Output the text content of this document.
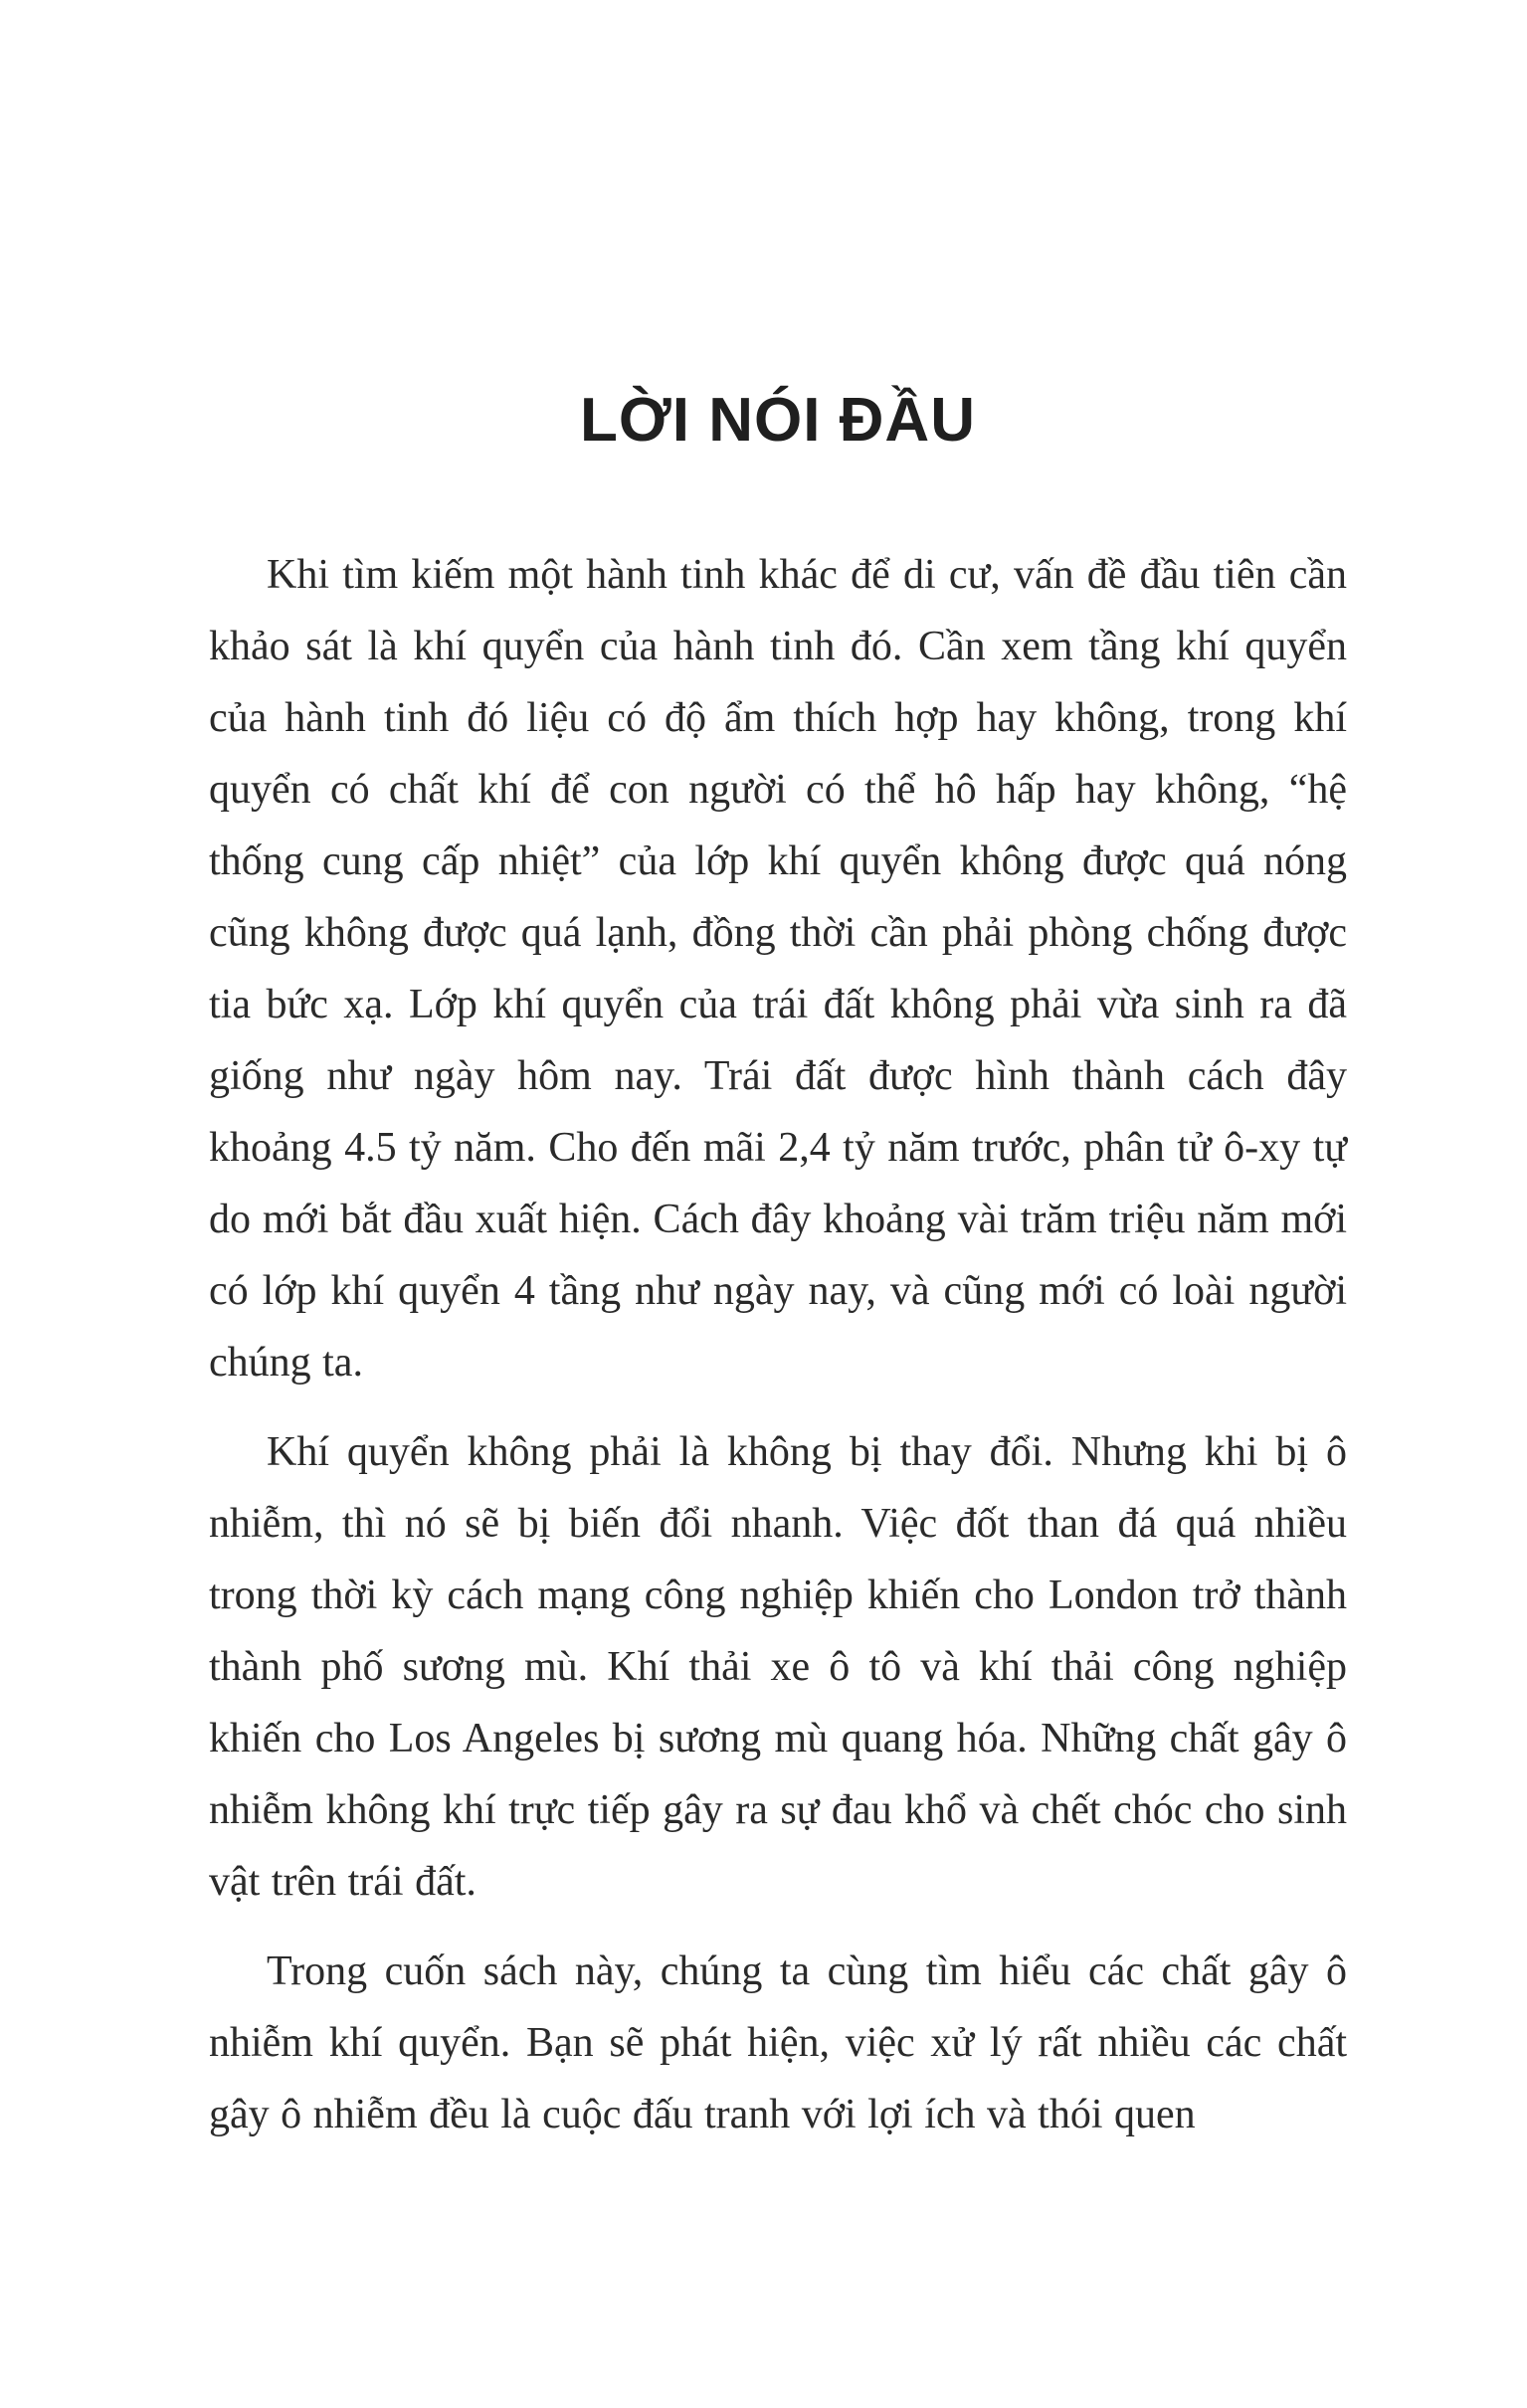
LỜI NÓI ĐẦU

Khi tìm kiếm một hành tinh khác để di cư, vấn đề đầu tiên cần khảo sát là khí quyển của hành tinh đó. Cần xem tầng khí quyển của hành tinh đó liệu có độ ẩm thích hợp hay không, trong khí quyển có chất khí để con người có thể hô hấp hay không, “hệ thống cung cấp nhiệt” của lớp khí quyển không được quá nóng cũng không được quá lạnh, đồng thời cần phải phòng chống được tia bức xạ. Lớp khí quyển của trái đất không phải vừa sinh ra đã giống như ngày hôm nay. Trái đất được hình thành cách đây khoảng 4.5 tỷ năm. Cho đến mãi 2,4 tỷ năm trước, phân tử ô-xy tự do mới bắt đầu xuất hiện. Cách đây khoảng vài trăm triệu năm mới có lớp khí quyển 4 tầng như ngày nay, và cũng mới có loài người chúng ta.

Khí quyển không phải là không bị thay đổi. Nhưng khi bị ô nhiễm, thì nó sẽ bị biến đổi nhanh. Việc đốt than đá quá nhiều trong thời kỳ cách mạng công nghiệp khiến cho London trở thành thành phố sương mù. Khí thải xe ô tô và khí thải công nghiệp khiến cho Los Angeles bị sương mù quang hóa. Những chất gây ô nhiễm không khí trực tiếp gây ra sự đau khổ và chết chóc cho sinh vật trên trái đất.

Trong cuốn sách này, chúng ta cùng tìm hiểu các chất gây ô nhiễm khí quyển. Bạn sẽ phát hiện, việc xử lý rất nhiều các chất gây ô nhiễm đều là cuộc đấu tranh với lợi ích và thói quen
